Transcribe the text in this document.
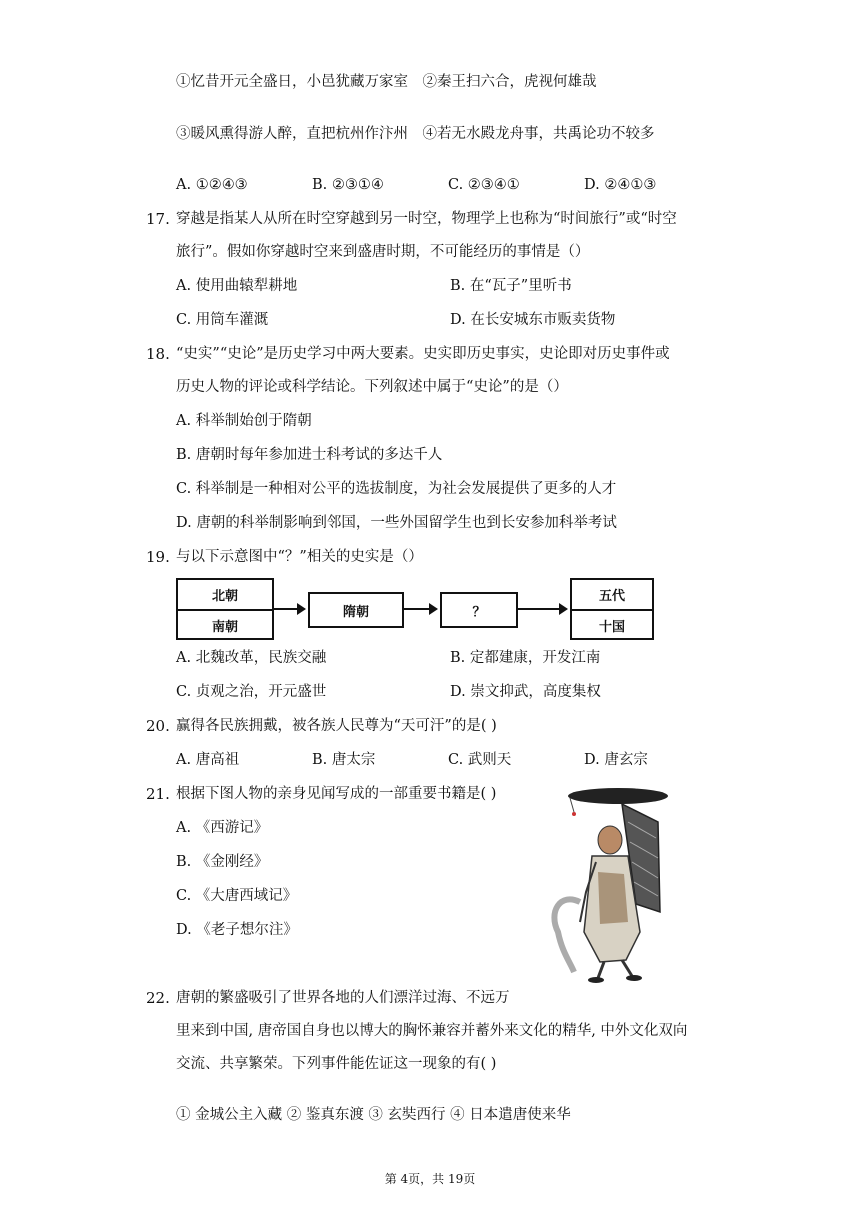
①忆昔开元全盛日，小邑犹藏万家室　②秦王扫六合，虎视何雄哉
③暖风熏得游人醉，直把杭州作汴州　④若无水殿龙舟事，共禹论功不较多
A. ①②④③	B. ②③①④	C. ②③④①	D. ②④①③
17. 穿越是指某人从所在时空穿越到另一时空，物理学上也称为“时间旅行”或“时空
旅行”。假如你穿越时空来到盛唐时期，不可能经历的事情是（）
A. 使用曲辕犁耕地	B. 在“瓦子”里听书
C. 用筒车灌溉	D. 在长安城东市贩卖货物
18. “史实”“史论”是历史学习中两大要素。史实即历史事实，史论即对历史事件或
历史人物的评论或科学结论。下列叙述中属于“史论”的是（）
A. 科举制始创于隋朝
B. 唐朝时每年参加进士科考试的多达千人
C. 科举制是一种相对公平的选拔制度，为社会发展提供了更多的人才
D. 唐朝的科举制影响到邻国，一些外国留学生也到长安参加科举考试
19. 与以下示意图中“？”相关的史实是（）
北朝
南朝
隋朝	？
五代
十国
A. 北魏改革，民族交融	B. 定都建康，开发江南
C. 贞观之治，开元盛世	D. 崇文抑武，高度集权
20. 赢得各民族拥戴，被各族人民尊为“天可汗”的是( )
A. 唐高祖	B. 唐太宗	C. 武则天	D. 唐玄宗
21. 根据下图人物的亲身见闻写成的一部重要书籍是( )
A. 《西游记》
B. 《金刚经》
C. 《大唐西域记》
D. 《老子想尔注》
22. 唐朝的繁盛吸引了世界各地的人们漂洋过海、不远万
里来到中国, 唐帝国自身也以博大的胸怀兼容并蓄外来文化的精华, 中外文化双向
交流、共享繁荣。下列事件能佐证这一现象的有( )
① 金城公主入藏 ② 鉴真东渡 ③ 玄奘西行 ④ 日本遣唐使来华
第 4页，共 19页
